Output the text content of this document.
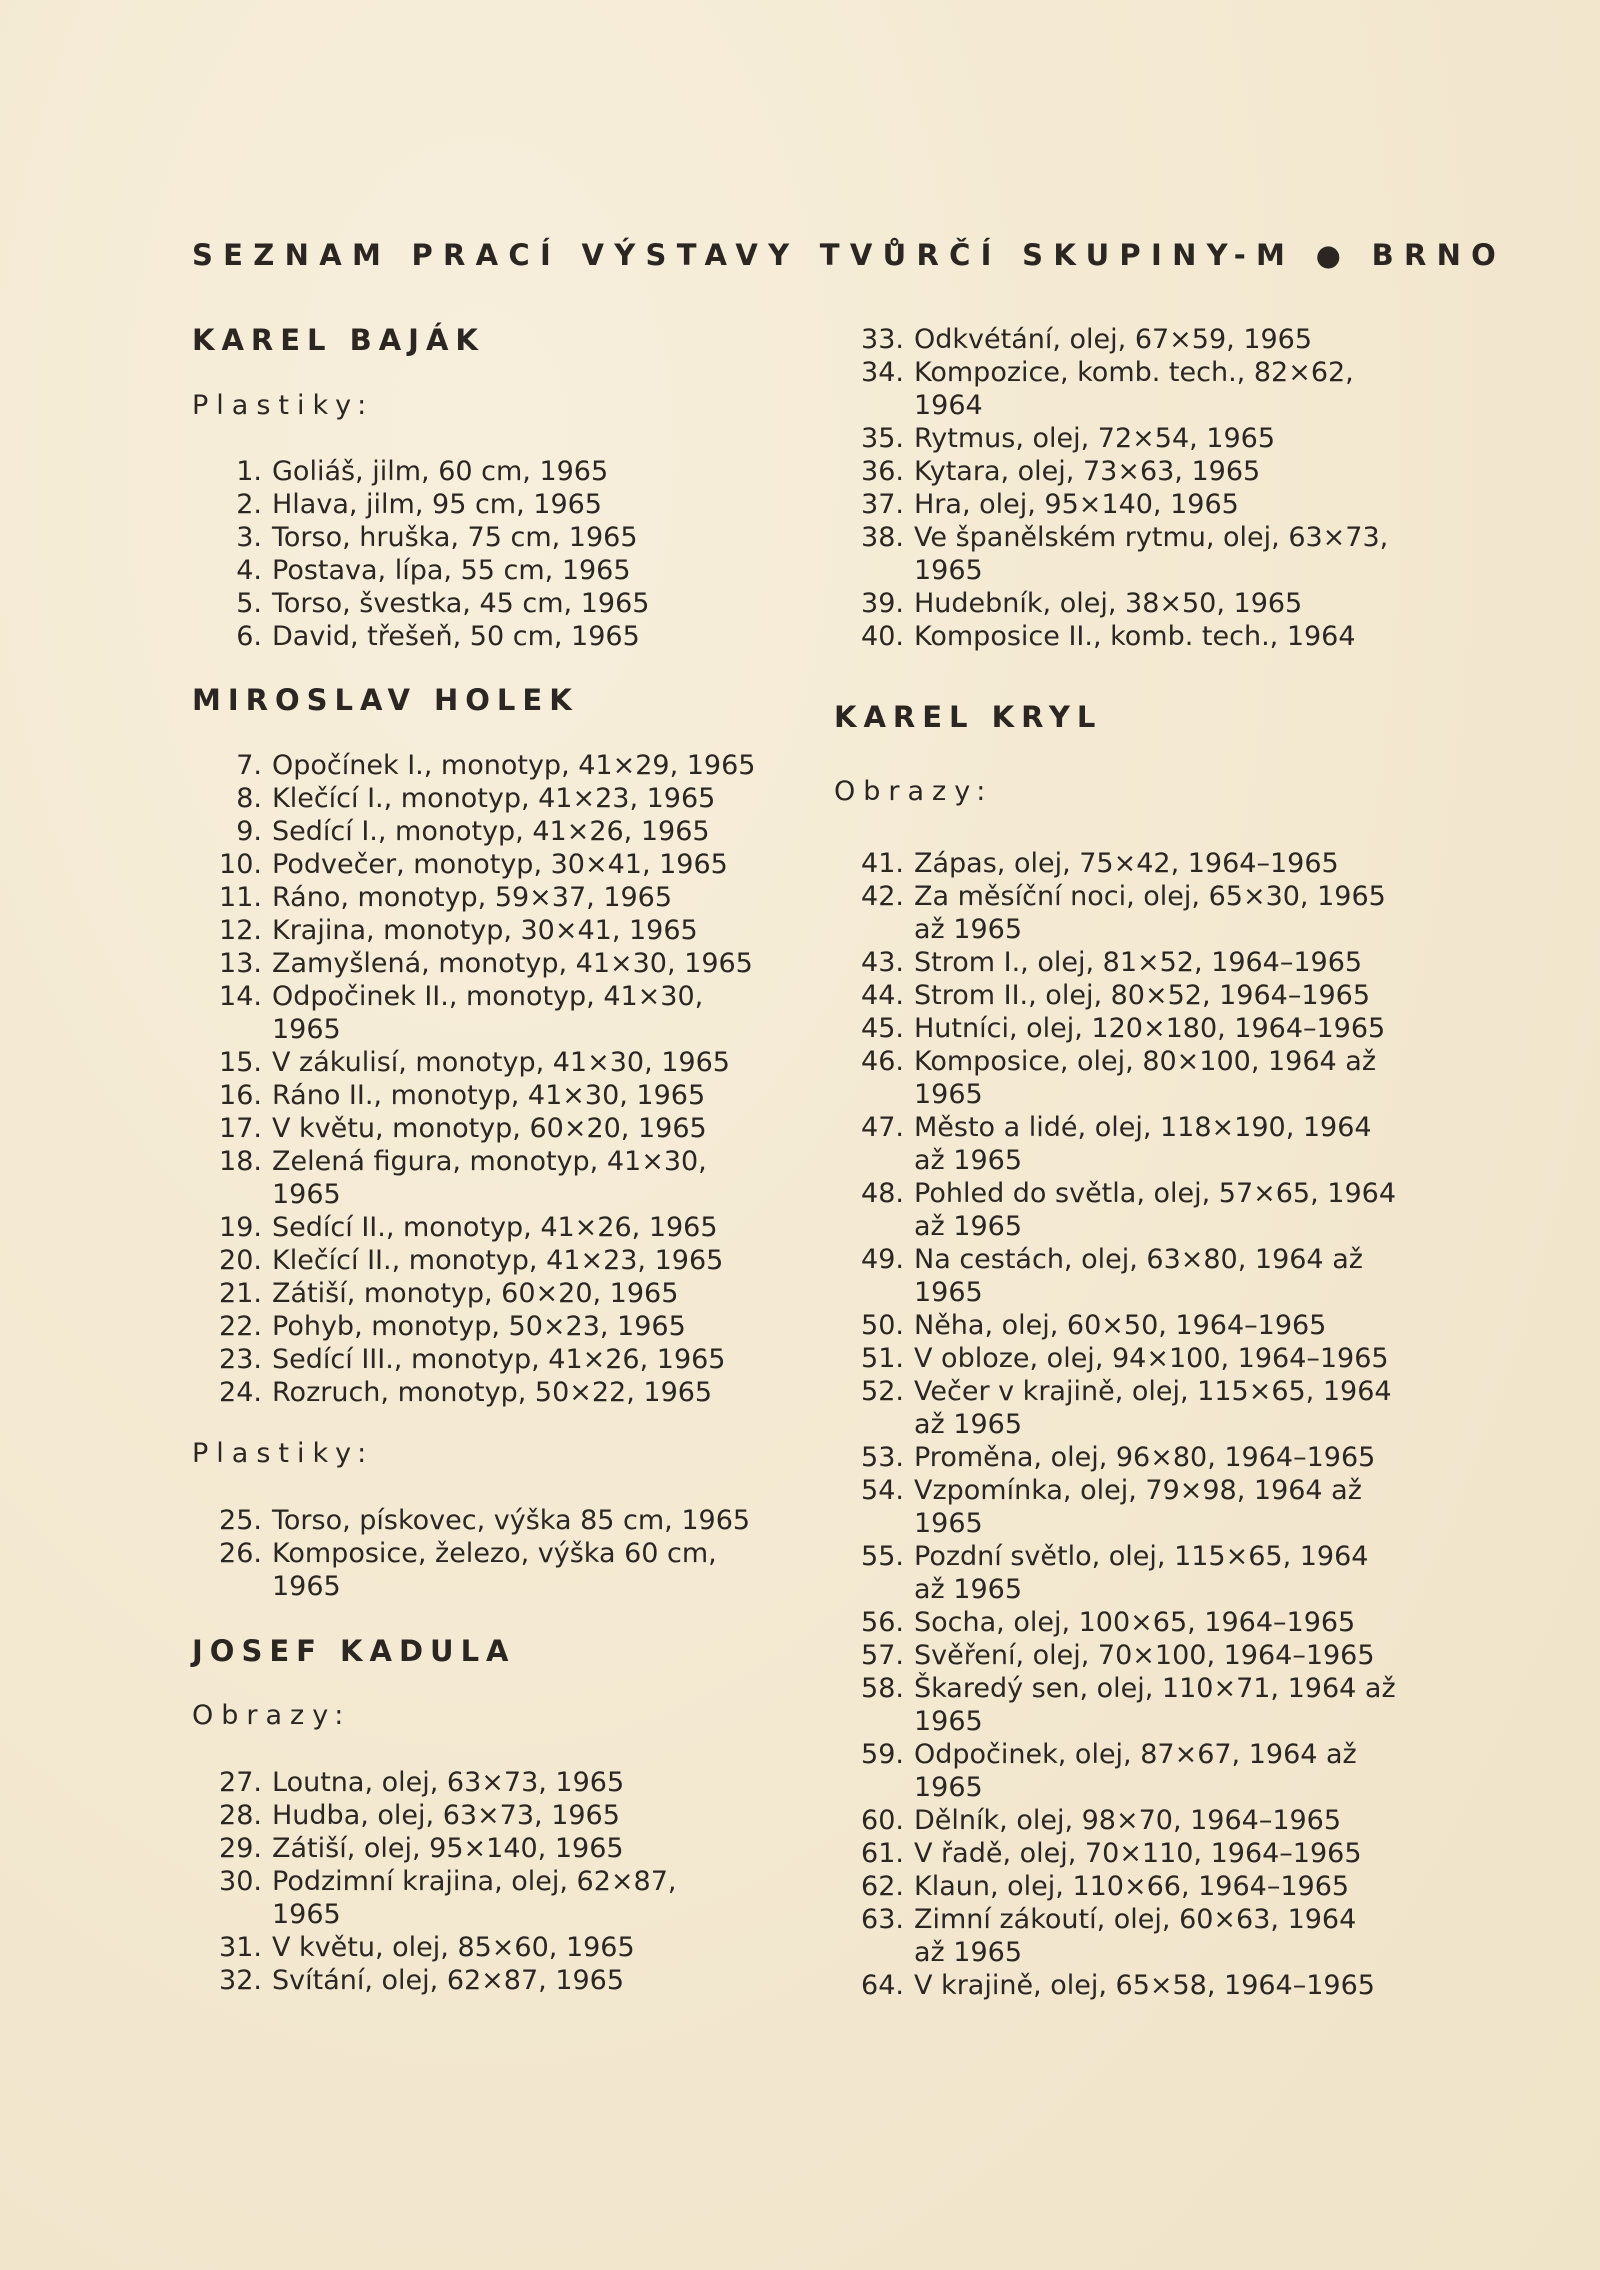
SEZNAM PRACÍ VÝSTAVY TVŮRČÍ SKUPINY-M ● BRNO
KAREL BAJÁK
Plastiky:
1. Goliáš, jilm, 60 cm, 1965
2. Hlava, jilm, 95 cm, 1965
3. Torso, hruška, 75 cm, 1965
4. Postava, lípa, 55 cm, 1965
5. Torso, švestka, 45 cm, 1965
6. David, třešeň, 50 cm, 1965
MIROSLAV HOLEK
7. Opočínek I., monotyp, 41×29, 1965
8. Klečící I., monotyp, 41×23, 1965
9. Sedící I., monotyp, 41×26, 1965
10. Podvečer, monotyp, 30×41, 1965
11. Ráno, monotyp, 59×37, 1965
12. Krajina, monotyp, 30×41, 1965
13. Zamyšlená, monotyp, 41×30, 1965
14. Odpočinek II., monotyp, 41×30,
1965
15. V zákulisí, monotyp, 41×30, 1965
16. Ráno II., monotyp, 41×30, 1965
17. V květu, monotyp, 60×20, 1965
18. Zelená figura, monotyp, 41×30,
1965
19. Sedící II., monotyp, 41×26, 1965
20. Klečící II., monotyp, 41×23, 1965
21. Zátiší, monotyp, 60×20, 1965
22. Pohyb, monotyp, 50×23, 1965
23. Sedící III., monotyp, 41×26, 1965
24. Rozruch, monotyp, 50×22, 1965
Plastiky:
25. Torso, pískovec, výška 85 cm, 1965
26. Komposice, železo, výška 60 cm,
1965
JOSEF KADULA
Obrazy:
27. Loutna, olej, 63×73, 1965
28. Hudba, olej, 63×73, 1965
29. Zátiší, olej, 95×140, 1965
30. Podzimní krajina, olej, 62×87,
1965
31. V květu, olej, 85×60, 1965
32. Svítání, olej, 62×87, 1965
33. Odkvétání, olej, 67×59, 1965
34. Kompozice, komb. tech., 82×62,
1964
35. Rytmus, olej, 72×54, 1965
36. Kytara, olej, 73×63, 1965
37. Hra, olej, 95×140, 1965
38. Ve španělském rytmu, olej, 63×73,
1965
39. Hudebník, olej, 38×50, 1965
40. Komposice II., komb. tech., 1964
KAREL KRYL
Obrazy:
41. Zápas, olej, 75×42, 1964–1965
42. Za měsíční noci, olej, 65×30, 1965
až 1965
43. Strom I., olej, 81×52, 1964–1965
44. Strom II., olej, 80×52, 1964–1965
45. Hutníci, olej, 120×180, 1964–1965
46. Komposice, olej, 80×100, 1964 až
1965
47. Město a lidé, olej, 118×190, 1964
až 1965
48. Pohled do světla, olej, 57×65, 1964
až 1965
49. Na cestách, olej, 63×80, 1964 až
1965
50. Něha, olej, 60×50, 1964–1965
51. V obloze, olej, 94×100, 1964–1965
52. Večer v krajině, olej, 115×65, 1964
až 1965
53. Proměna, olej, 96×80, 1964–1965
54. Vzpomínka, olej, 79×98, 1964 až
1965
55. Pozdní světlo, olej, 115×65, 1964
až 1965
56. Socha, olej, 100×65, 1964–1965
57. Svěření, olej, 70×100, 1964–1965
58. Škaredý sen, olej, 110×71, 1964 až
1965
59. Odpočinek, olej, 87×67, 1964 až
1965
60. Dělník, olej, 98×70, 1964–1965
61. V řadě, olej, 70×110, 1964–1965
62. Klaun, olej, 110×66, 1964–1965
63. Zimní zákoutí, olej, 60×63, 1964
až 1965
64. V krajině, olej, 65×58, 1964–1965
